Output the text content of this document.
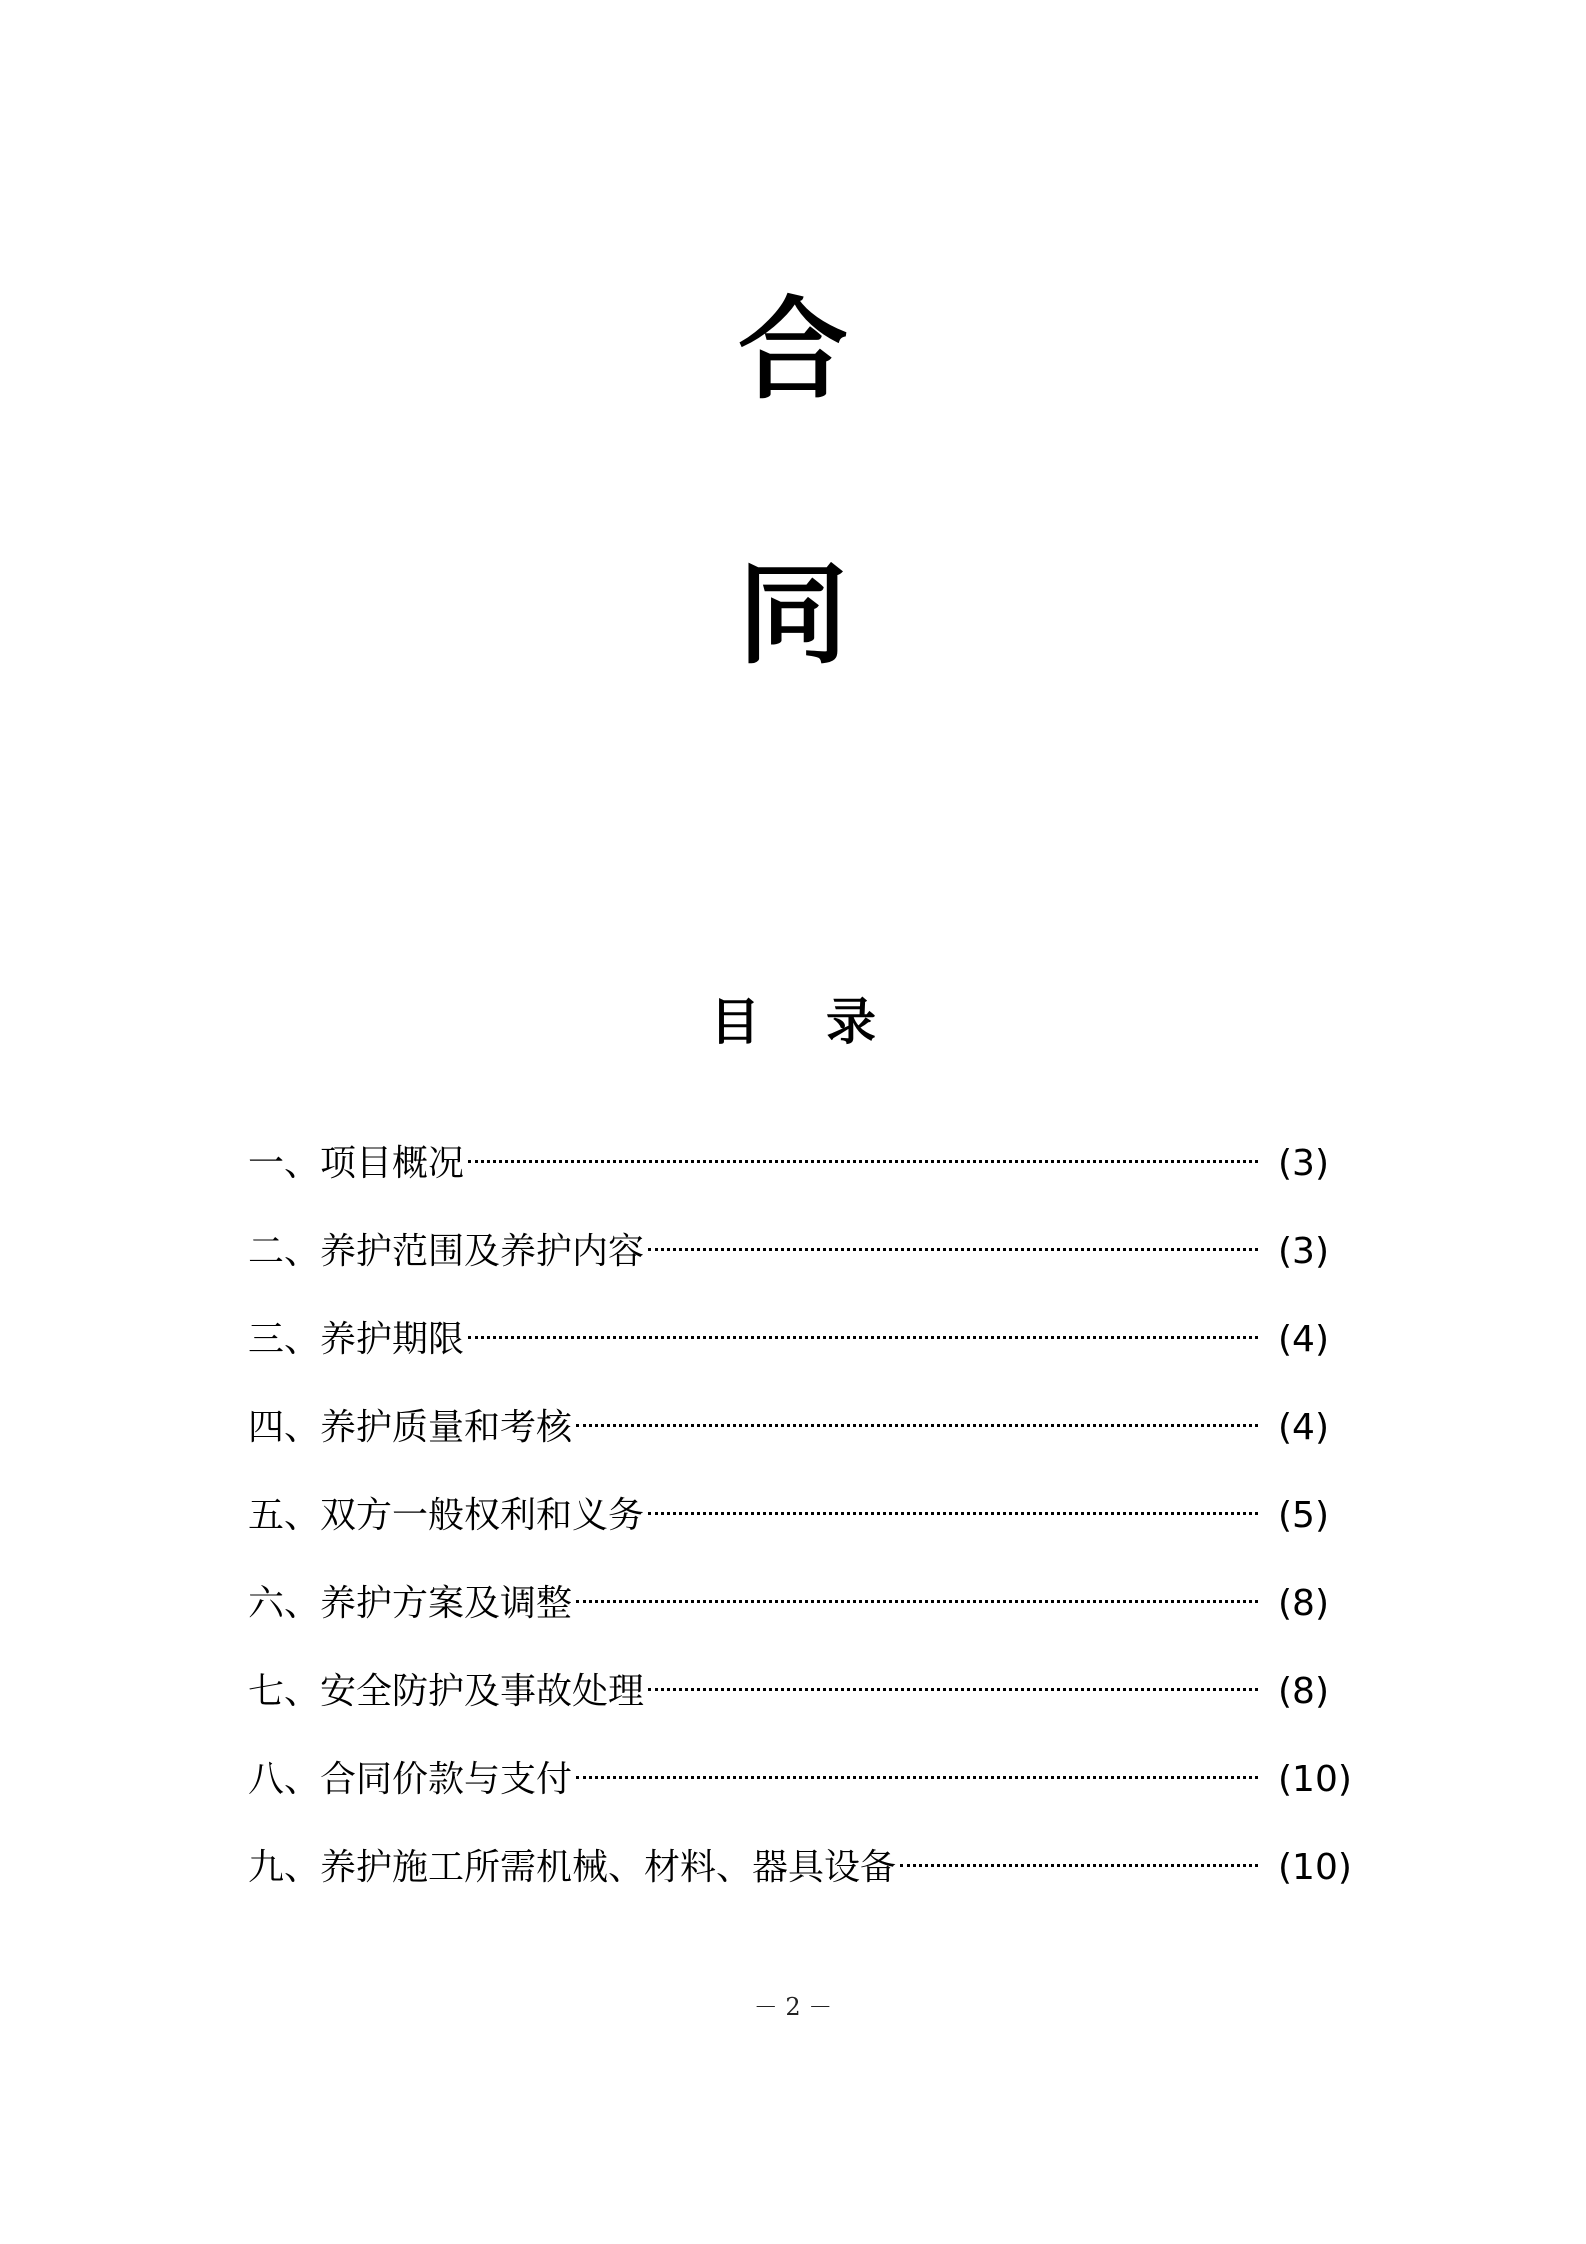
合
同
目 录
一、项目概况	(3)
二、养护范围及养护内容	(3)
三、养护期限	(4)
四、养护质量和考核	(4)
五、双方一般权利和义务	(5)
六、养护方案及调整	(8)
七、安全防护及事故处理	(8)
八、合同价款与支付	(10)
九、养护施工所需机械、材料、器具设备	(10)

－ 2 －
